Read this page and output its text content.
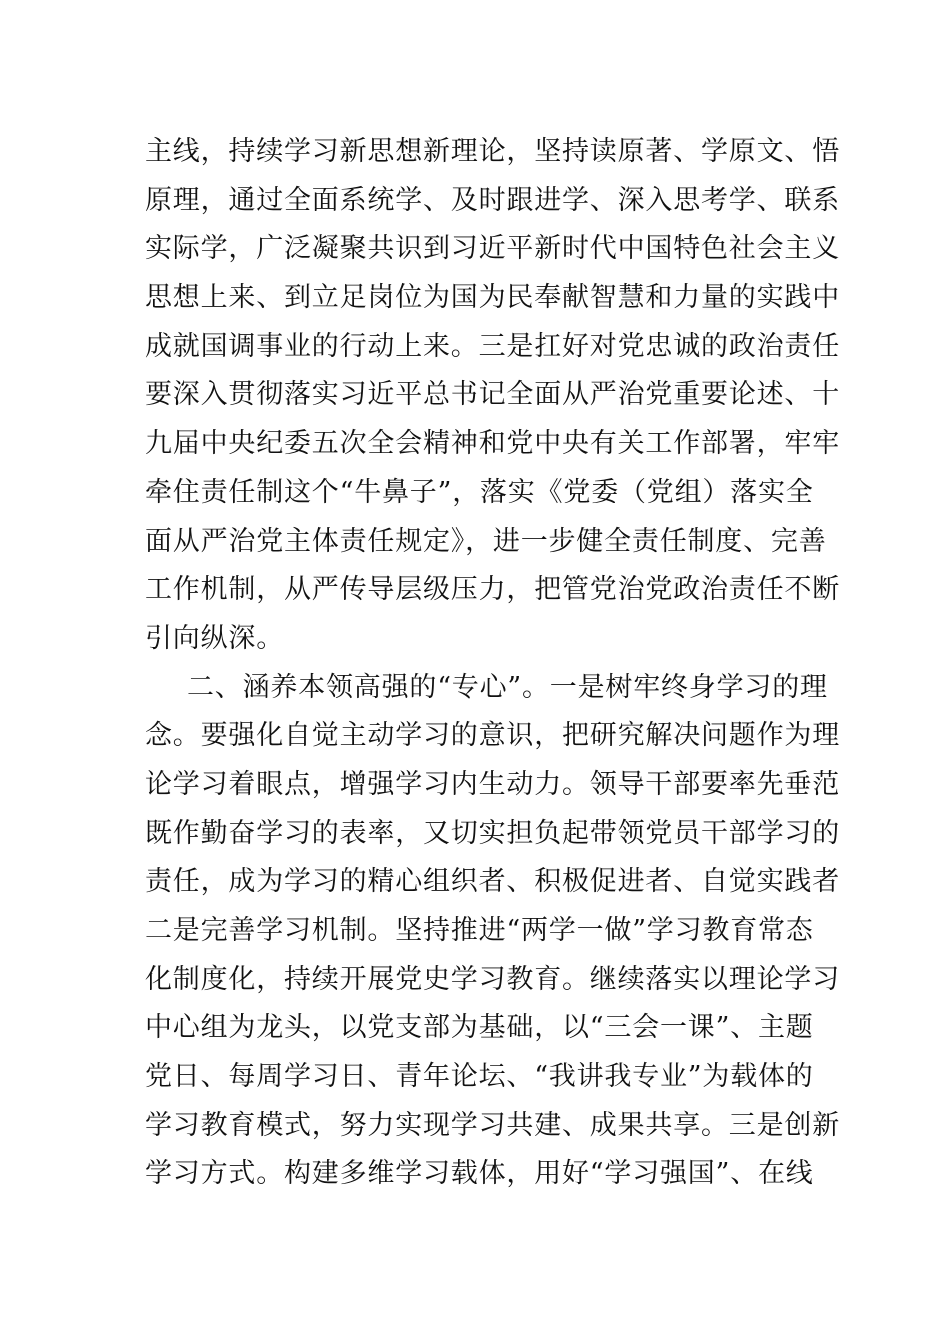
主线，持续学习新思想新理论，坚持读原著、学原文、悟
原理，通过全面系统学、及时跟进学、深入思考学、联系
实际学，广泛凝聚共识到习近平新时代中国特色社会主义
思想上来、到立足岗位为国为民奉献智慧和力量的实践中
成就国调事业的行动上来。三是扛好对党忠诚的政治责任
要深入贯彻落实习近平总书记全面从严治党重要论述、十
九届中央纪委五次全会精神和党中央有关工作部署，牢牢
牵住责任制这个“牛鼻子”，落实《党委（党组）落实全
面从严治党主体责任规定》，进一步健全责任制度、完善
工作机制，从严传导层级压力，把管党治党政治责任不断
引向纵深。
二、涵养本领高强的“专心”。一是树牢终身学习的理
念。要强化自觉主动学习的意识，把研究解决问题作为理
论学习着眼点，增强学习内生动力。领导干部要率先垂范
既作勤奋学习的表率，又切实担负起带领党员干部学习的
责任，成为学习的精心组织者、积极促进者、自觉实践者
二是完善学习机制。坚持推进“两学一做”学习教育常态
化制度化，持续开展党史学习教育。继续落实以理论学习
中心组为龙头，以党支部为基础，以“三会一课”、主题
党日、每周学习日、青年论坛、“我讲我专业”为载体的
学习教育模式，努力实现学习共建、成果共享。三是创新
学习方式。构建多维学习载体，用好“学习强国”、在线
